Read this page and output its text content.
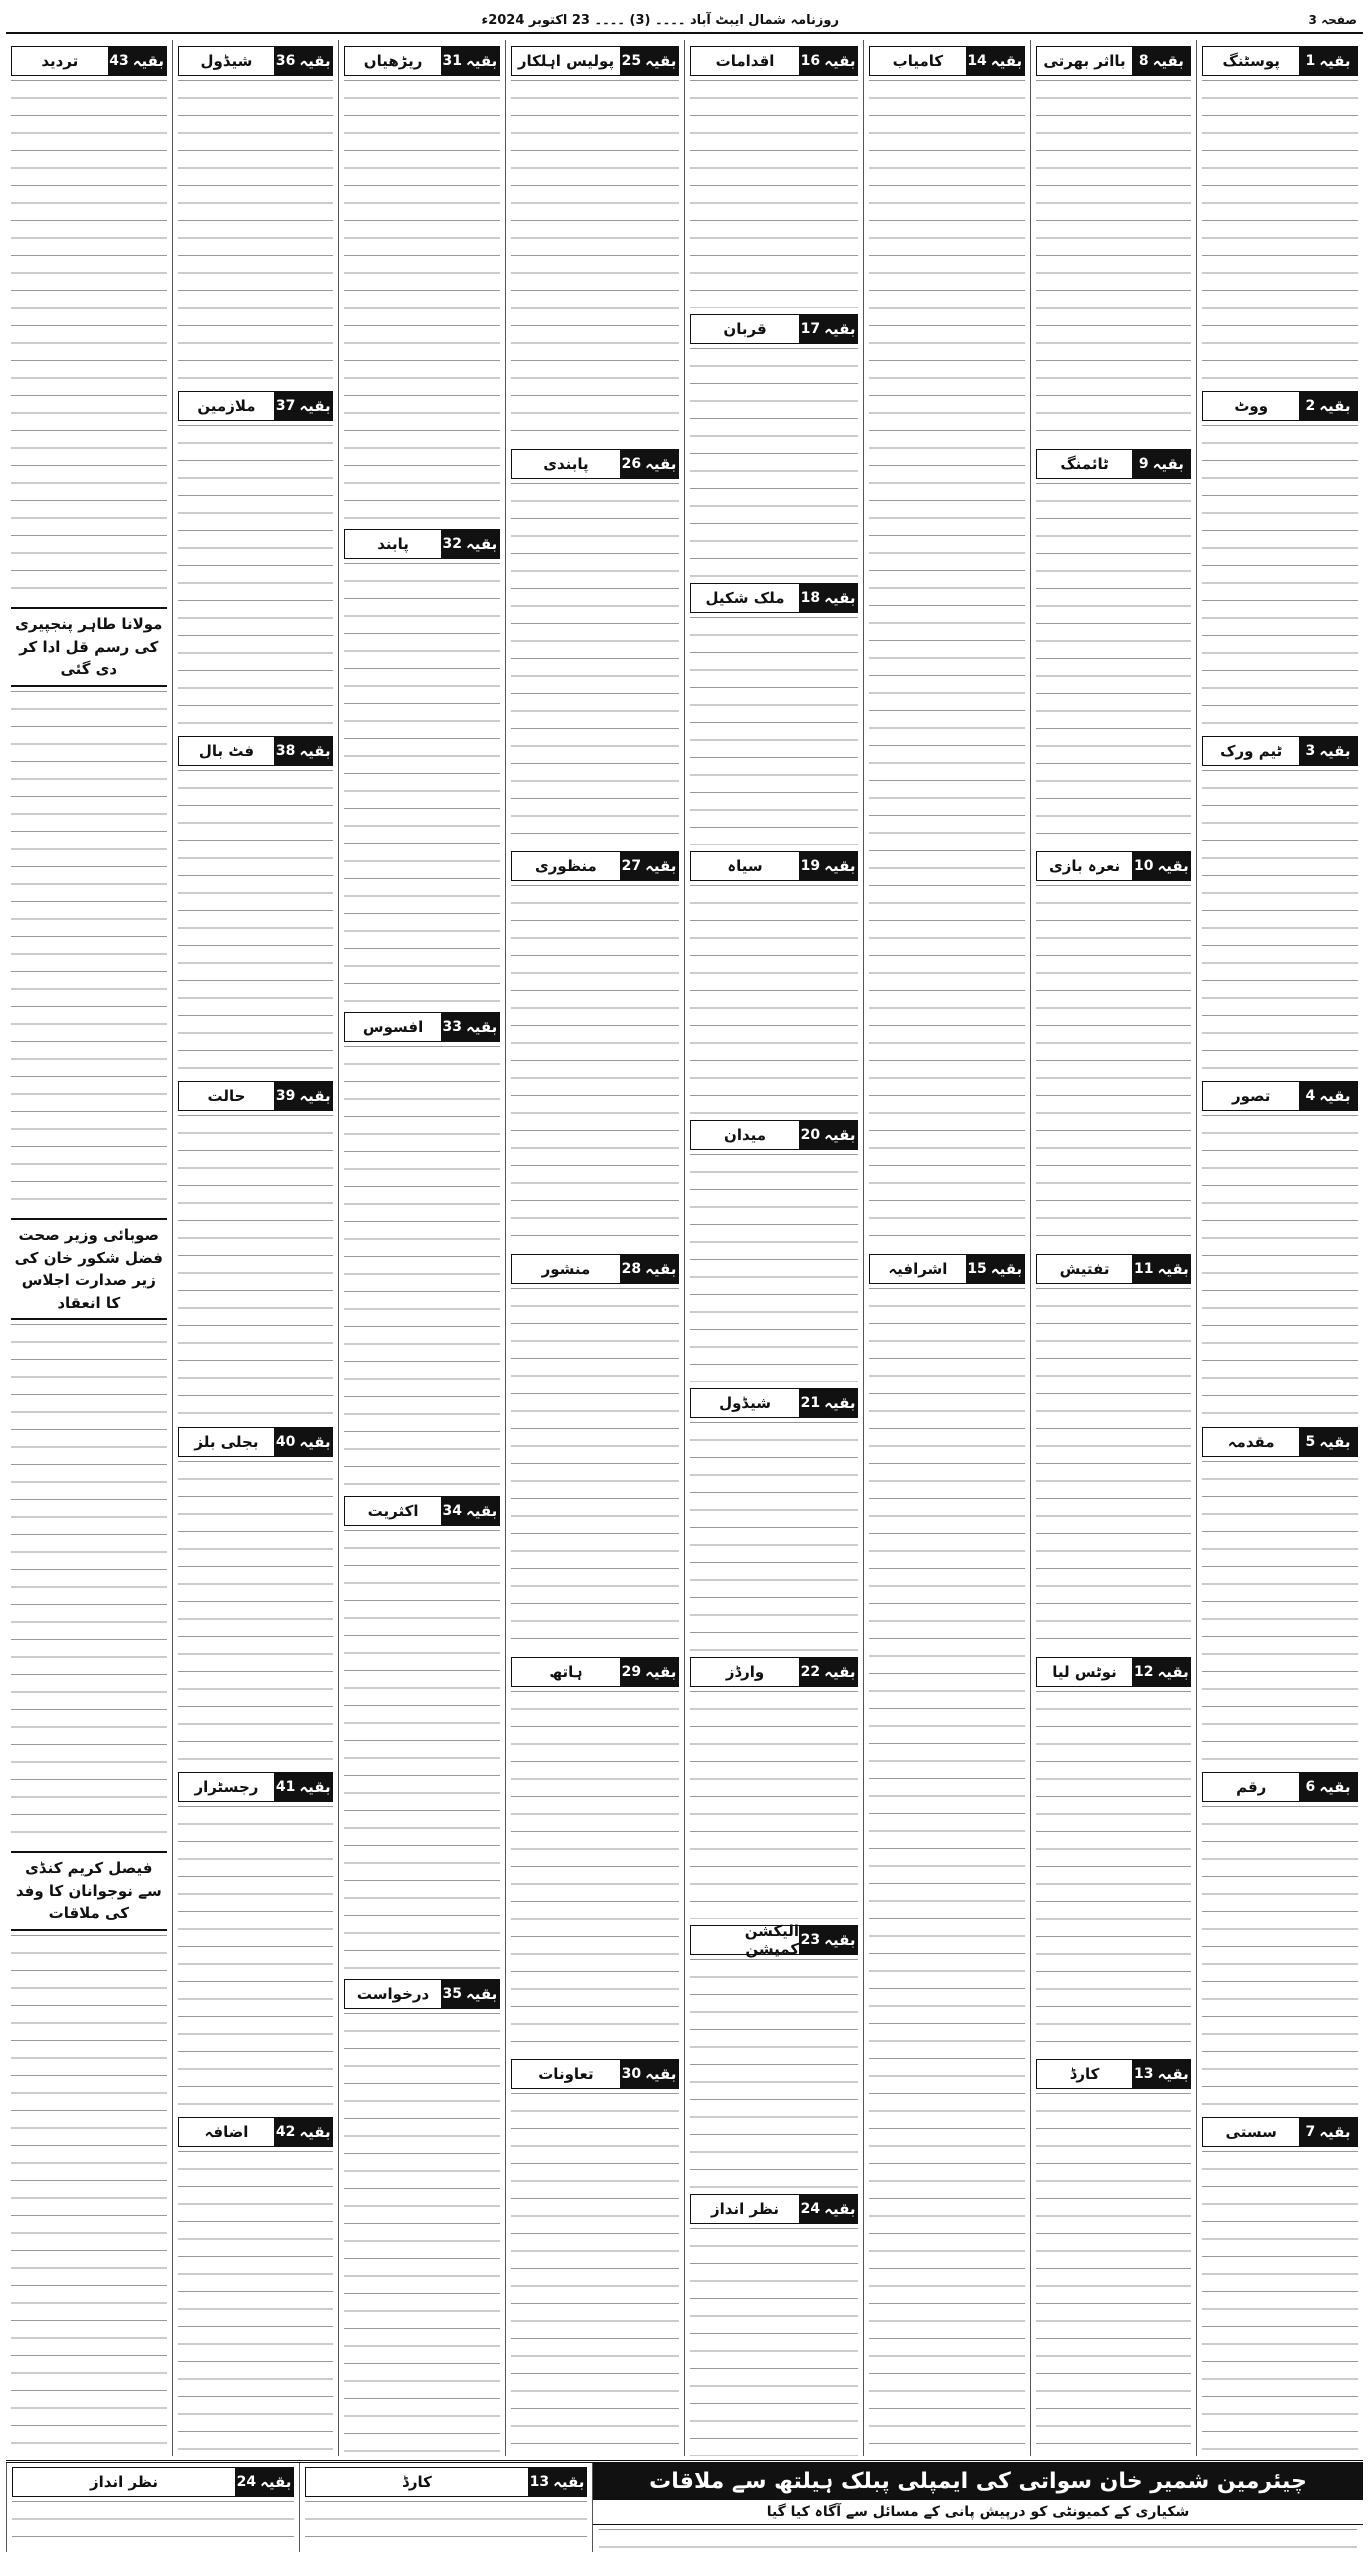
صفحہ 3
روزنامہ شمال ایبٹ آباد ۔۔۔۔ (3) ۔۔۔۔ 23 اکتوبر 2024ء
بقیہ
1
پوسٹنگ
بقیہ
2
ووٹ
بقیہ
3
ٹیم ورک
بقیہ
4
تصور
بقیہ
5
مقدمہ
بقیہ
6
رقم
بقیہ
7
سستی
بقیہ
8
بااثر بھرتی
بقیہ
9
ٹائمنگ
بقیہ
10
نعرہ بازی
بقیہ
11
تفتیش
بقیہ
12
نوٹس لیا
بقیہ
13
کارڈ
بقیہ
14
کامیاب
بقیہ
15
اشرافیہ
بقیہ
16
اقدامات
بقیہ
17
قربان
بقیہ
18
ملک شکیل
بقیہ
19
سیاہ
بقیہ
20
میدان
بقیہ
21
شیڈول
بقیہ
22
وارڈز
بقیہ
23
الیکشن کمیشن
بقیہ
24
نظر انداز
بقیہ
25
پولیس اہلکار
بقیہ
26
پابندی
بقیہ
27
منظوری
بقیہ
28
منشور
بقیہ
29
ہاتھ
بقیہ
30
تعاونات
بقیہ
31
ریڑھیاں
بقیہ
32
پابند
بقیہ
33
افسوس
بقیہ
34
اکثریت
بقیہ
35
درخواست
بقیہ
36
شیڈول
بقیہ
37
ملازمین
بقیہ
38
فٹ بال
بقیہ
39
حالت
بقیہ
40
بجلی بلز
بقیہ
41
رجسٹرار
بقیہ
42
اضافہ
بقیہ
43
تردید
مولانا طاہر پنجپیری کی رسم قل ادا کر دی گئی
صوبائی وزیر صحت فضل شکور خان کی زیر صدارت اجلاس کا انعقاد
فیصل کریم کنڈی سے نوجوانان کا وفد کی ملاقات
چیئرمین شمیر خان سواتی کی ایمپلی پبلک ہیلتھ سے ملاقات
شکیاری کے کمیونٹی کو درپیش پانی کے مسائل سے آگاہ کیا گیا
بقیہ
13
کارڈ
بقیہ
24
نظر انداز
